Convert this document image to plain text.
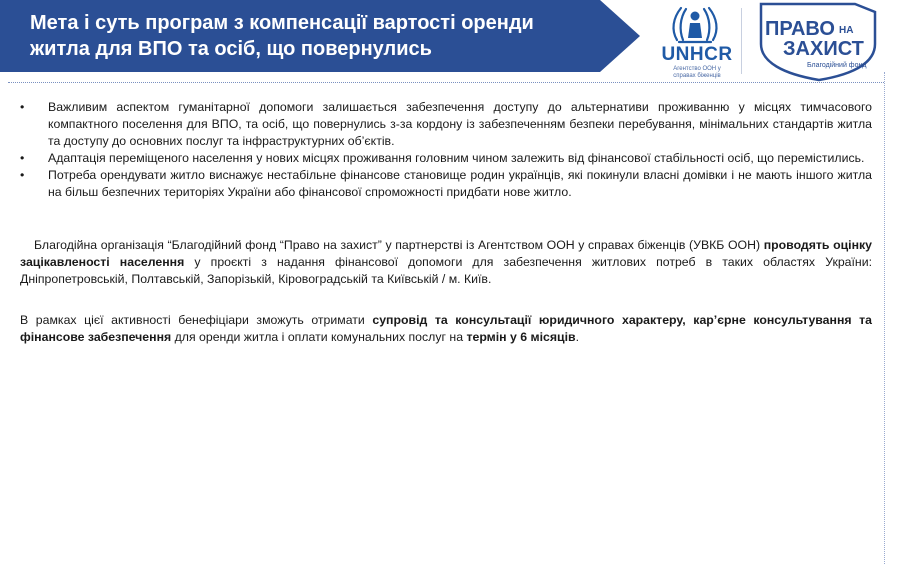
Мета і суть програм з компенсації вартості оренди житла для ВПО та осіб, що повернулись	UNHCR
Агентство ООН у справах біженців
ПРАВО НА
ЗАХИСТ
Благодійний фонд
• Важливим аспектом гуманітарної допомоги залишається забезпечення доступу до альтернативи проживанню у місцях тимчасового компактного поселення для ВПО, та осіб, що повернулись з-за кордону із забезпеченням безпеки перебування, мінімальних стандартів житла та доступу до основних послуг та інфраструктурних об’єктів.
• Адаптація переміщеного населення у нових місцях проживання головним чином залежить від фінансової стабільності осіб, що перемістились.
• Потреба орендувати житло виснажує нестабільне фінансове становище родин українців, які покинули власні домівки і не мають іншого житла на більш безпечних територіях України або фінансової спроможності придбати нове житло.

Благодійна організація “Благодійний фонд “Право на захист” у партнерстві із Агентством ООН у справах біженців (УВКБ ООН) проводять оцінку зацікавленості населення у проєкті з надання фінансової допомоги для забезпечення житлових потреб в таких областях України: Дніпропетровській, Полтавській, Запорізькій, Кіровоградській та Київській / м. Київ.

В рамках цієї активності бенефіціари зможуть отримати супровід та консультації юридичного характеру, кар’єрне консультування та фінансове забезпечення для оренди житла і оплати комунальних послуг на термін у 6 місяців.
